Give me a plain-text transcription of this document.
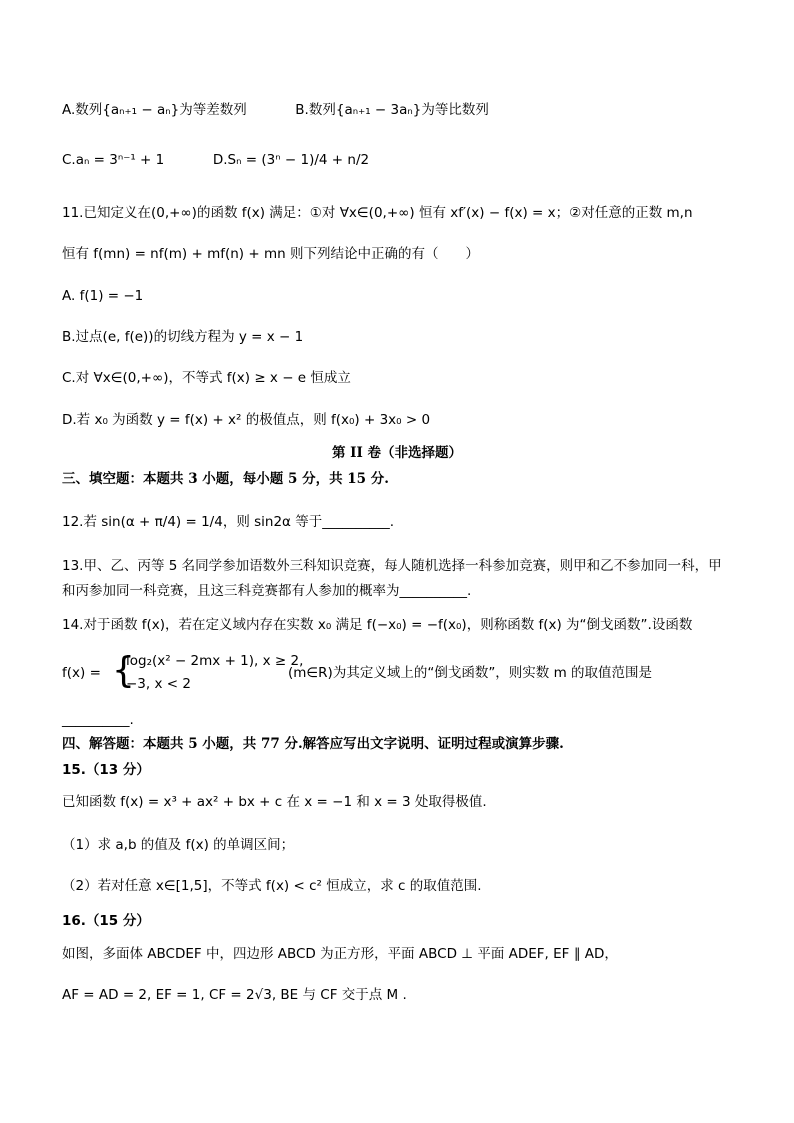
A.数列{aₙ₊₁ − aₙ}为等差数列	B.数列{aₙ₊₁ − 3aₙ}为等比数列
C.aₙ = 3ⁿ⁻¹ + 1	D.Sₙ = (3ⁿ − 1)/4 + n/2
11.已知定义在(0,+∞)的函数 f(x) 满足：①对 ∀x∈(0,+∞) 恒有 xf′(x) − f(x) = x；②对任意的正数 m,n
恒有 f(mn) = nf(m) + mf(n) + mn 则下列结论中正确的有（　　）
A. f(1) = −1
B.过点(e, f(e))的切线方程为 y = x − 1
C.对 ∀x∈(0,+∞)，不等式 f(x) ≥ x − e 恒成立
D.若 x₀ 为函数 y = f(x) + x² 的极值点，则 f(x₀) + 3x₀ > 0
第 II 卷（非选择题）
三、填空题：本题共 3 小题，每小题 5 分，共 15 分.
12.若 sin(α + π/4) = 1/4，则 sin2α 等于__________.
13.甲、乙、丙等 5 名同学参加语数外三科知识竞赛，每人随机选择一科参加竞赛，则甲和乙不参加同一科，甲
和丙参加同一科竞赛，且这三科竞赛都有人参加的概率为__________.
14.对于函数 f(x)，若在定义域内存在实数 x₀ 满足 f(−x₀) = −f(x₀)，则称函数 f(x) 为“倒戈函数”.设函数
f(x) = {
log₂(x² − 2mx + 1), x ≥ 2,
−3, x < 2
(m∈R)为其定义域上的“倒戈函数”，则实数 m 的取值范围是
__________.
四、解答题：本题共 5 小题，共 77 分.解答应写出文字说明、证明过程或演算步骤.
15.（13 分）
已知函数 f(x) = x³ + ax² + bx + c 在 x = −1 和 x = 3 处取得极值.
（1）求 a,b 的值及 f(x) 的单调区间；
（2）若对任意 x∈[1,5]，不等式 f(x) < c² 恒成立，求 c 的取值范围.
16.（15 分）
如图，多面体 ABCDEF 中，四边形 ABCD 为正方形，平面 ABCD ⊥ 平面 ADEF, EF ∥ AD，
AF = AD = 2, EF = 1, CF = 2√3, BE 与 CF 交于点 M .
